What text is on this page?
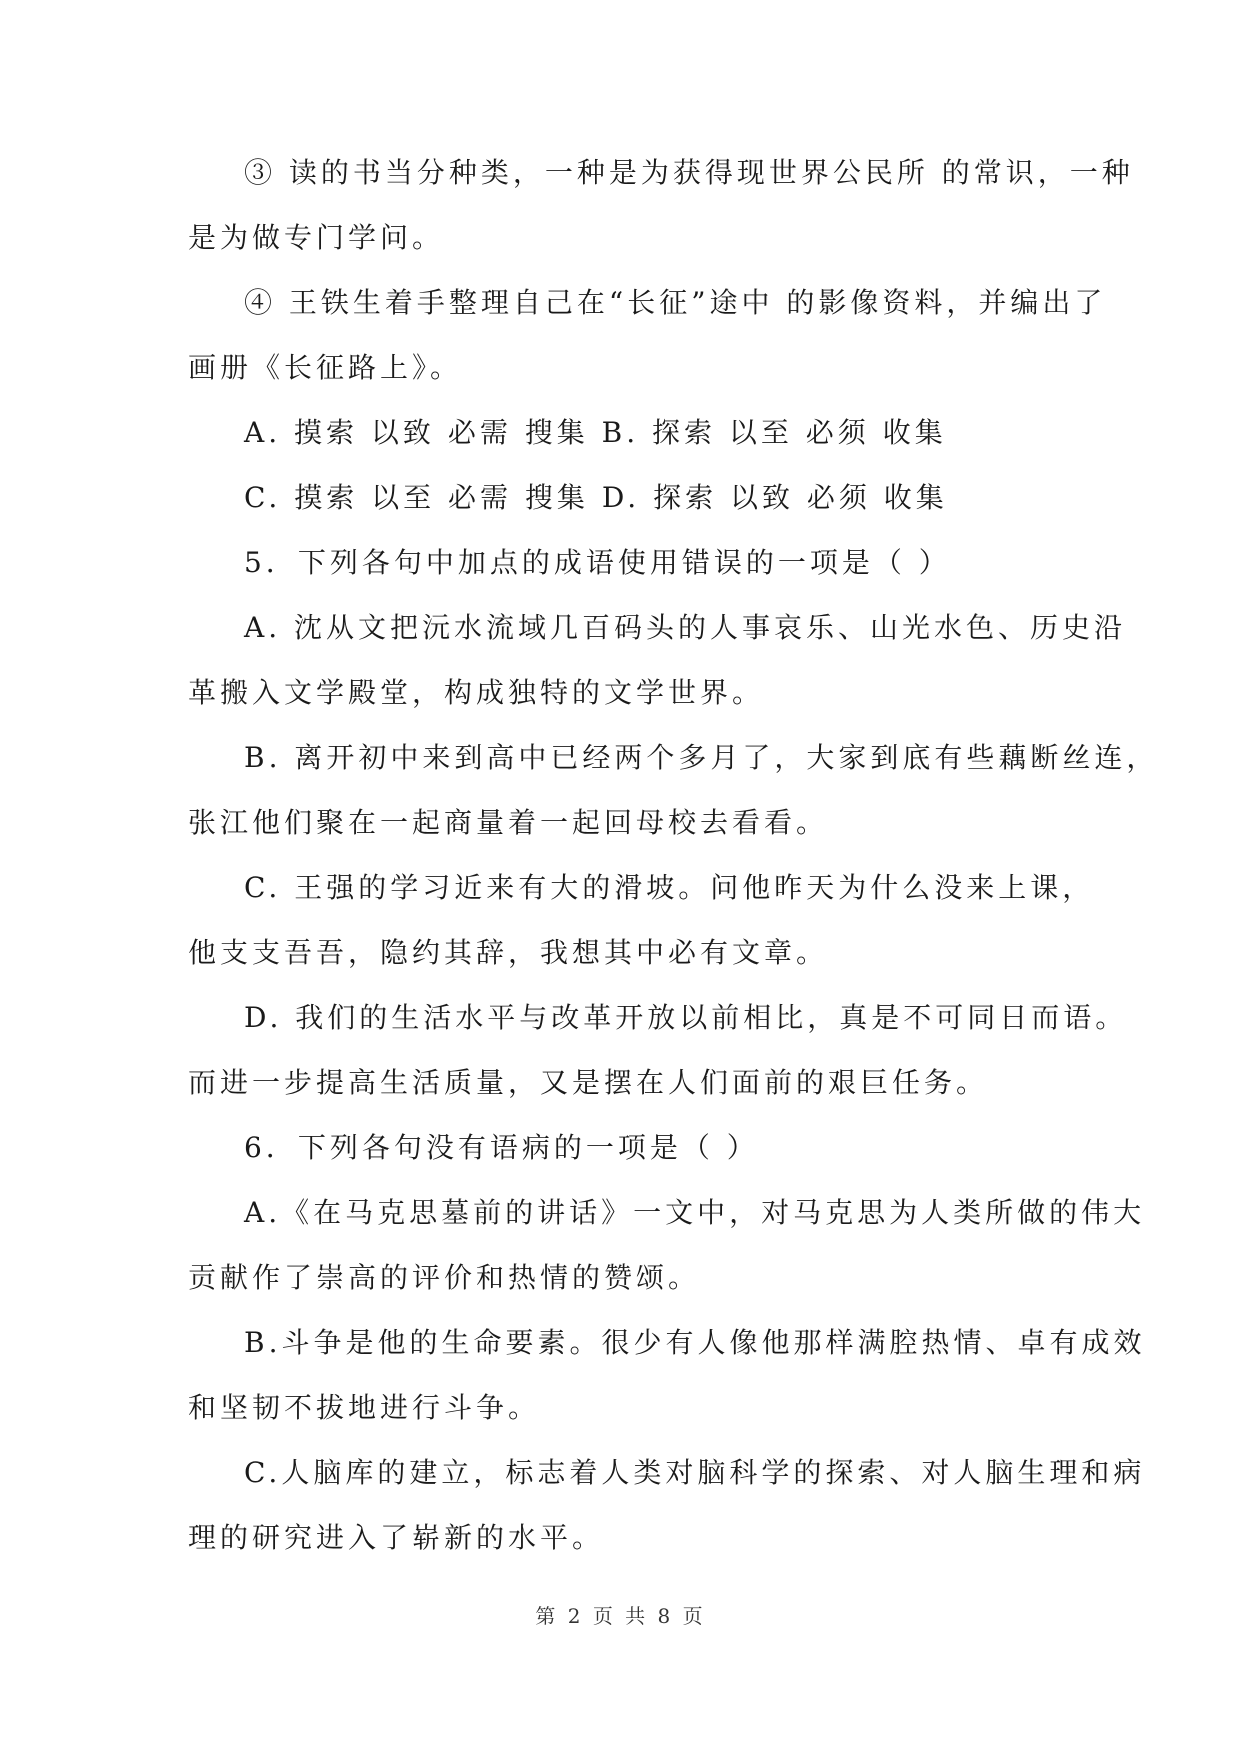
③ 读的书当分种类，一种是为获得现世界公民所 的常识，一种
是为做专门学问。
④ 王铁生着手整理自己在“长征”途中 的影像资料，并编出了
画册《长征路上》。
A. 摸索 以致 必需 搜集 B. 探索 以至 必须 收集
C. 摸索 以至 必需 搜集 D. 探索 以致 必须 收集
5．下列各句中加点的成语使用错误的一项是（ ）
A. 沈从文把沅水流域几百码头的人事哀乐、山光水色、历史沿
革搬入文学殿堂，构成独特的文学世界。
B. 离开初中来到高中已经两个多月了，大家到底有些藕断丝连，
张江他们聚在一起商量着一起回母校去看看。
C. 王强的学习近来有大的滑坡。问他昨天为什么没来上课，
他支支吾吾，隐约其辞，我想其中必有文章。
D. 我们的生活水平与改革开放以前相比，真是不可同日而语。
而进一步提高生活质量，又是摆在人们面前的艰巨任务。
6．下列各句没有语病的一项是（ ）
A.《在马克思墓前的讲话》一文中，对马克思为人类所做的伟大
贡献作了崇高的评价和热情的赞颂。
B.斗争是他的生命要素。很少有人像他那样满腔热情、卓有成效
和坚韧不拔地进行斗争。
C.人脑库的建立，标志着人类对脑科学的探索、对人脑生理和病
理的研究进入了崭新的水平。
第 2 页 共 8 页
